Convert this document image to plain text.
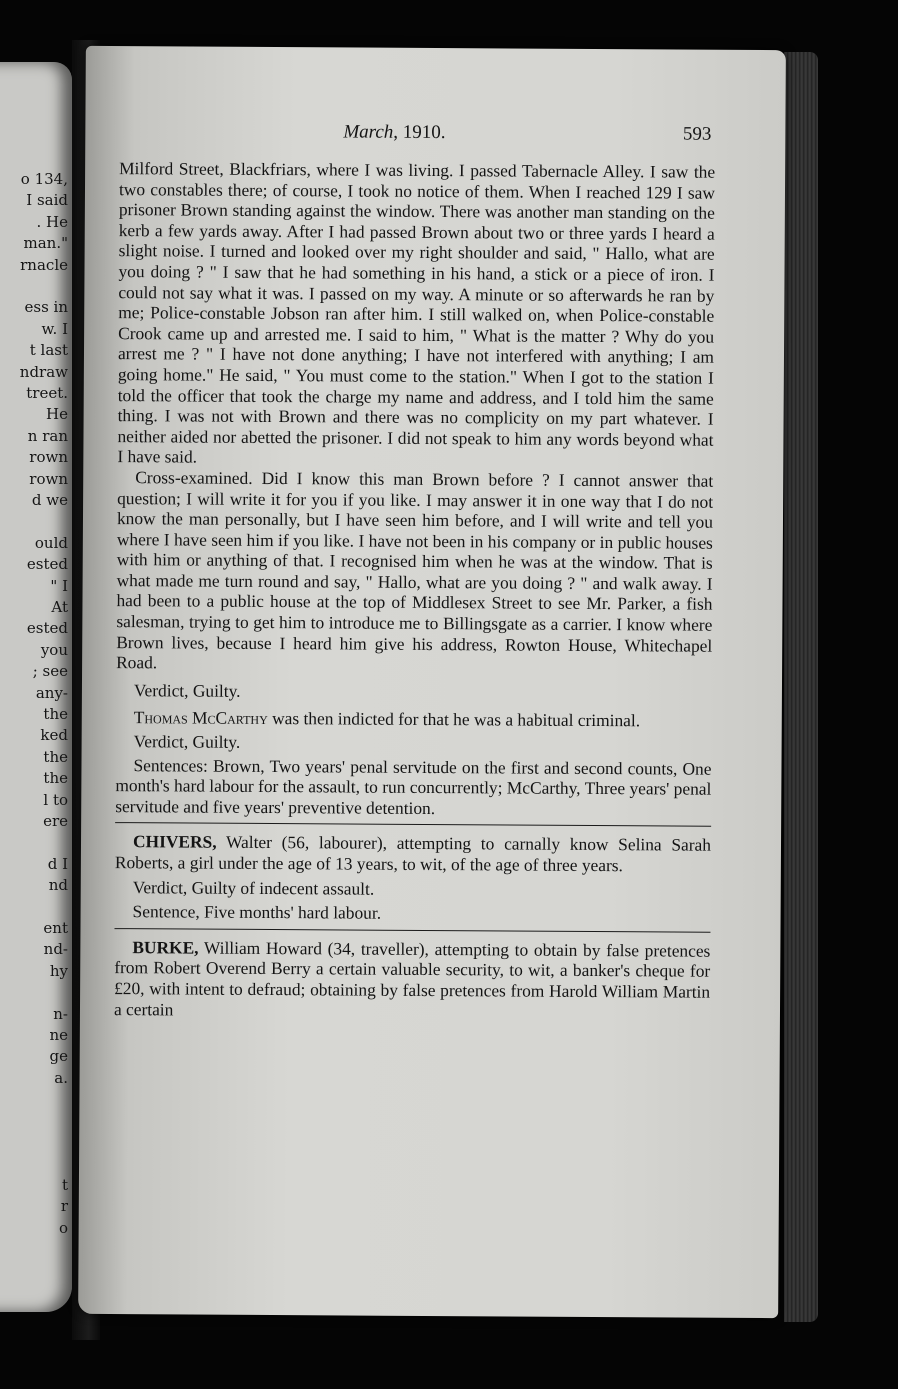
o 134,
I said
. He
man."
rnacle
ess in
w. I
t last
ndraw
treet.
He
n ran
rown
rown
d we
ould
ested
" I
At
ested
you
; see
any-
the
ked
the
the
l to
ere
d I
nd
ent
nd-
hy
n-
ne
ge
a.
t
r
o
March, 1910.	593

Milford Street, Blackfriars, where I was living. I passed Tabernacle Alley. I saw the two constables there; of course, I took no notice of them. When I reached 129 I saw prisoner Brown standing against the window. There was another man standing on the kerb a few yards away. After I had passed Brown about two or three yards I heard a slight noise. I turned and looked over my right shoulder and said, " Hallo, what are you doing ? " I saw that he had something in his hand, a stick or a piece of iron. I could not say what it was. I passed on my way. A minute or so afterwards he ran by me; Police-constable Jobson ran after him. I still walked on, when Police-constable Crook came up and arrested me. I said to him, " What is the matter ? Why do you arrest me ? " I have not done anything; I have not interfered with anything; I am going home." He said, " You must come to the station." When I got to the station I told the officer that took the charge my name and address, and I told him the same thing. I was not with Brown and there was no complicity on my part whatever. I neither aided nor abetted the prisoner. I did not speak to him any words beyond what I have said.

Cross-examined. Did I know this man Brown before ? I cannot answer that question; I will write it for you if you like. I may answer it in one way that I do not know the man personally, but I have seen him before, and I will write and tell you where I have seen him if you like. I have not been in his company or in public houses with him or anything of that. I recognised him when he was at the window. That is what made me turn round and say, " Hallo, what are you doing ? " and walk away. I had been to a public house at the top of Middlesex Street to see Mr. Parker, a fish salesman, trying to get him to introduce me to Billingsgate as a carrier. I know where Brown lives, because I heard him give his address, Rowton House, Whitechapel Road.

Verdict, Guilty.

Thomas McCarthy was then indicted for that he was a habitual criminal.

Verdict, Guilty.

Sentences: Brown, Two years' penal servitude on the first and second counts, One month's hard labour for the assault, to run concurrently; McCarthy, Three years' penal servitude and five years' preventive detention.

CHIVERS, Walter (56, labourer), attempting to carnally know Selina Sarah Roberts, a girl under the age of 13 years, to wit, of the age of three years.

Verdict, Guilty of indecent assault.

Sentence, Five months' hard labour.

BURKE, William Howard (34, traveller), attempting to obtain by false pretences from Robert Overend Berry a certain valuable security, to wit, a banker's cheque for £20, with intent to defraud; obtaining by false pretences from Harold William Martin a certain
